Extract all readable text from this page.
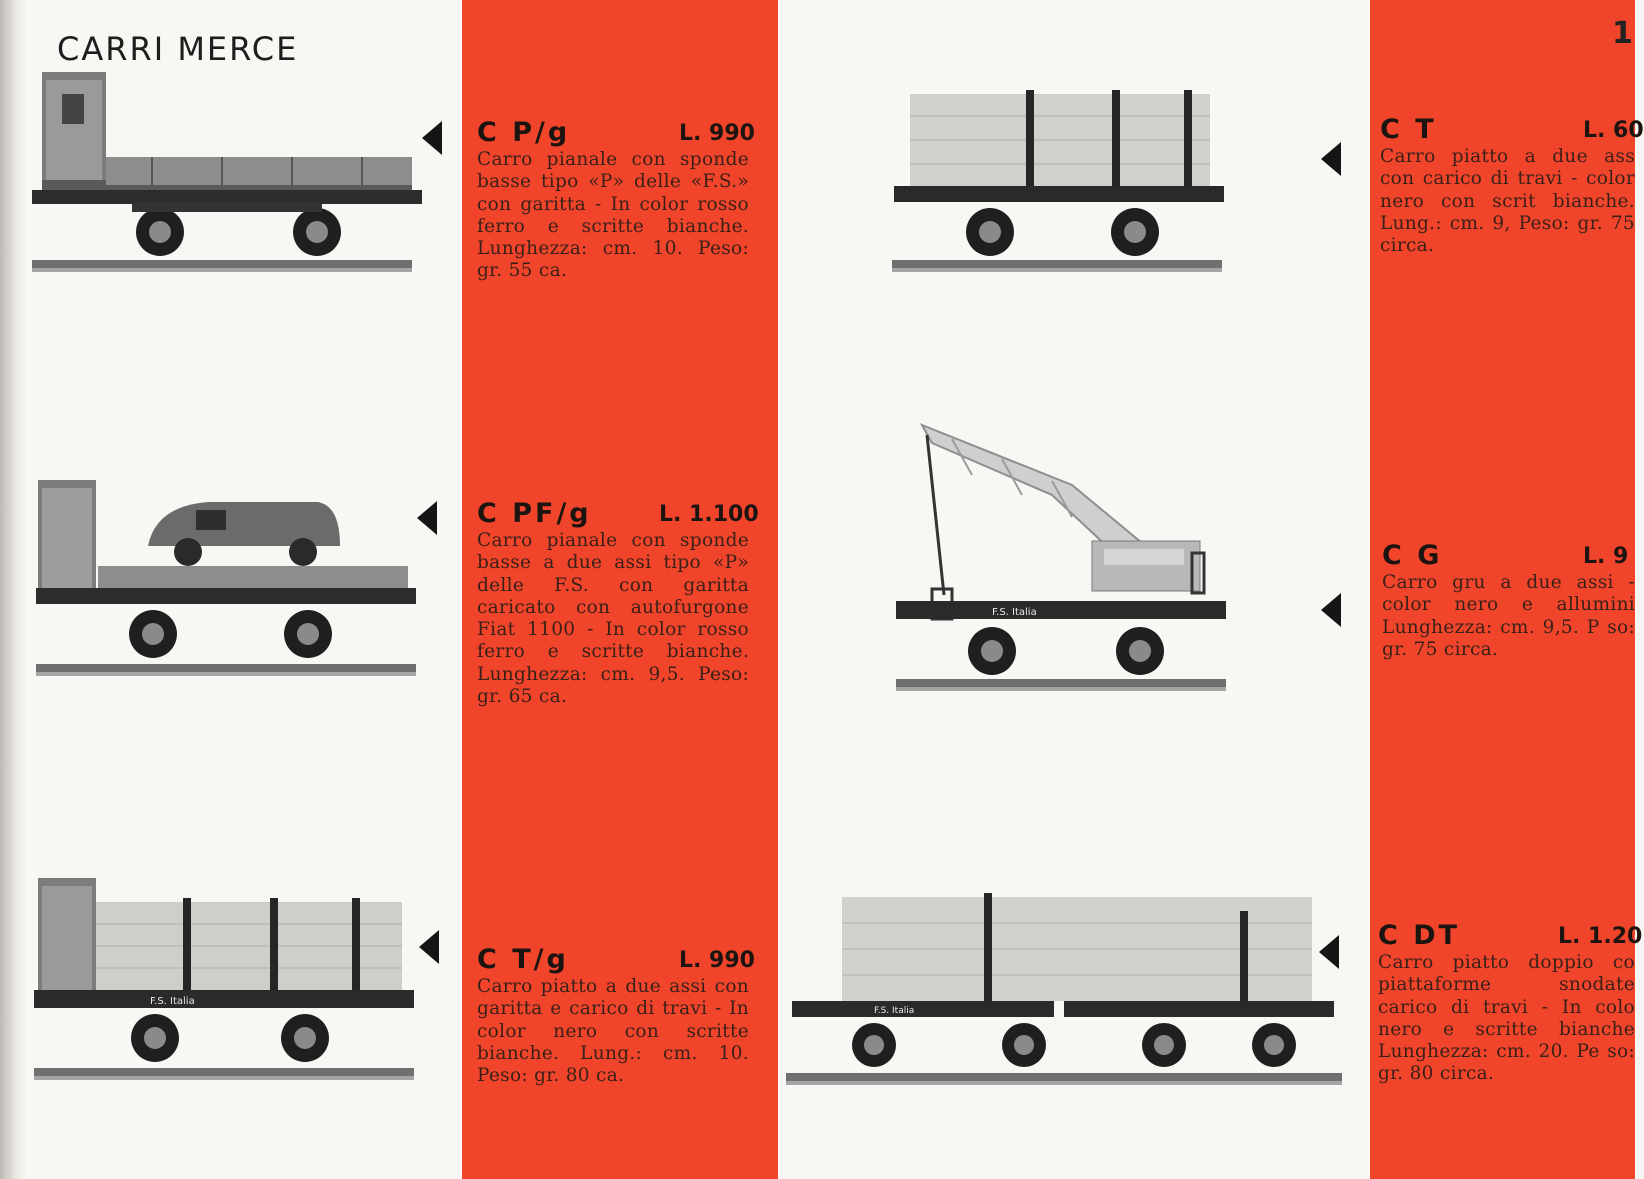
CARRI MERCE	1
C P/g	L. 990
Carro pianale con sponde basse tipo «P» delle «F.S.» con garitta - In color rosso ferro e scritte bianche. Lunghezza: cm. 10. Peso: gr. 55 ca.
C PF/g	L. 1.100
Carro pianale con sponde basse a due assi tipo «P» delle F.S. con garitta caricato con autofurgone Fiat 1100 - In color rosso ferro e scritte bianche. Lunghezza: cm. 9,5. Peso: gr. 65 ca.
C T/g	L. 990
Carro piatto a due assi con garitta e carico di travi - In color nero con scritte bianche. Lung.: cm. 10. Peso: gr. 80 ca.
C T	L. 60
Carro piatto a due ass con carico di travi - color nero con scrit bianche. Lung.: cm. 9, Peso: gr. 75 circa.
C G	L. 9
Carro gru a due assi - color nero e allumini Lunghezza: cm. 9,5. P so: gr. 75 circa.
C DT	L. 1.20
Carro piatto doppio co piattaforme snodate carico di travi - In colo nero e scritte bianche Lunghezza: cm. 20. Pe so: gr. 80 circa.
F.S. Italia
F.S. Italia
F.S. Italia
